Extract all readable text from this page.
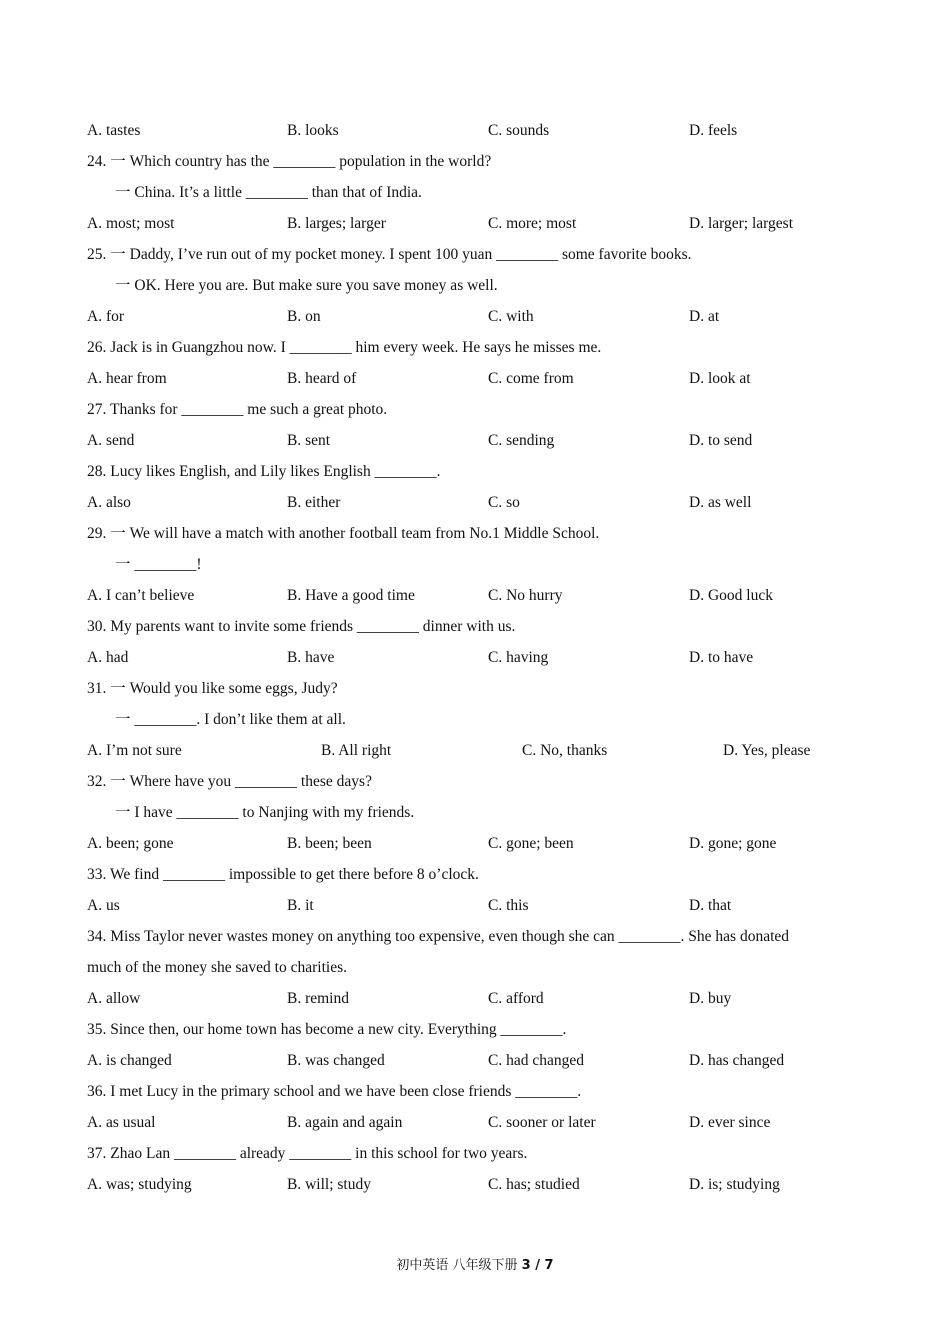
A. tastes	B. looks	C. sounds	D. feels
24. 一 Which country has the ________ population in the world?
一 China. It’s a little ________ than that of India.
A. most; most	B. larges; larger	C. more; most	D. larger; largest
25. 一 Daddy, I’ve run out of my pocket money. I spent 100 yuan ________ some favorite books.
一 OK. Here you are. But make sure you save money as well.
A. for	B. on	C. with	D. at
26. Jack is in Guangzhou now. I ________ him every week. He says he misses me.
A. hear from	B. heard of	C. come from	D. look at
27. Thanks for ________ me such a great photo.
A. send	B. sent	C. sending	D. to send
28. Lucy likes English, and Lily likes English ________.
A. also	B. either	C. so	D. as well
29. 一 We will have a match with another football team from No.1 Middle School.
一 ________!
A. I can’t believe	B. Have a good time	C. No hurry	D. Good luck
30. My parents want to invite some friends ________ dinner with us.
A. had	B. have	C. having	D. to have
31. 一 Would you like some eggs, Judy?
一 ________. I don’t like them at all.
A. I’m not sure	B. All right	C. No, thanks	D. Yes, please
32. 一 Where have you ________ these days?
一 I have ________ to Nanjing with my friends.
A. been; gone	B. been; been	C. gone; been	D. gone; gone
33. We find ________ impossible to get there before 8 o’clock.
A. us	B. it	C. this	D. that
34. Miss Taylor never wastes money on anything too expensive, even though she can ________. She has donated
much of the money she saved to charities.
A. allow	B. remind	C. afford	D. buy
35. Since then, our home town has become a new city. Everything ________.
A. is changed	B. was changed	C. had changed	D. has changed
36. I met Lucy in the primary school and we have been close friends ________.
A. as usual	B. again and again	C. sooner or later	D. ever since
37. Zhao Lan ________ already ________ in this school for two years.
A. was; studying	B. will; study	C. has; studied	D. is; studying
初中英语 八年级下册 3 / 7
